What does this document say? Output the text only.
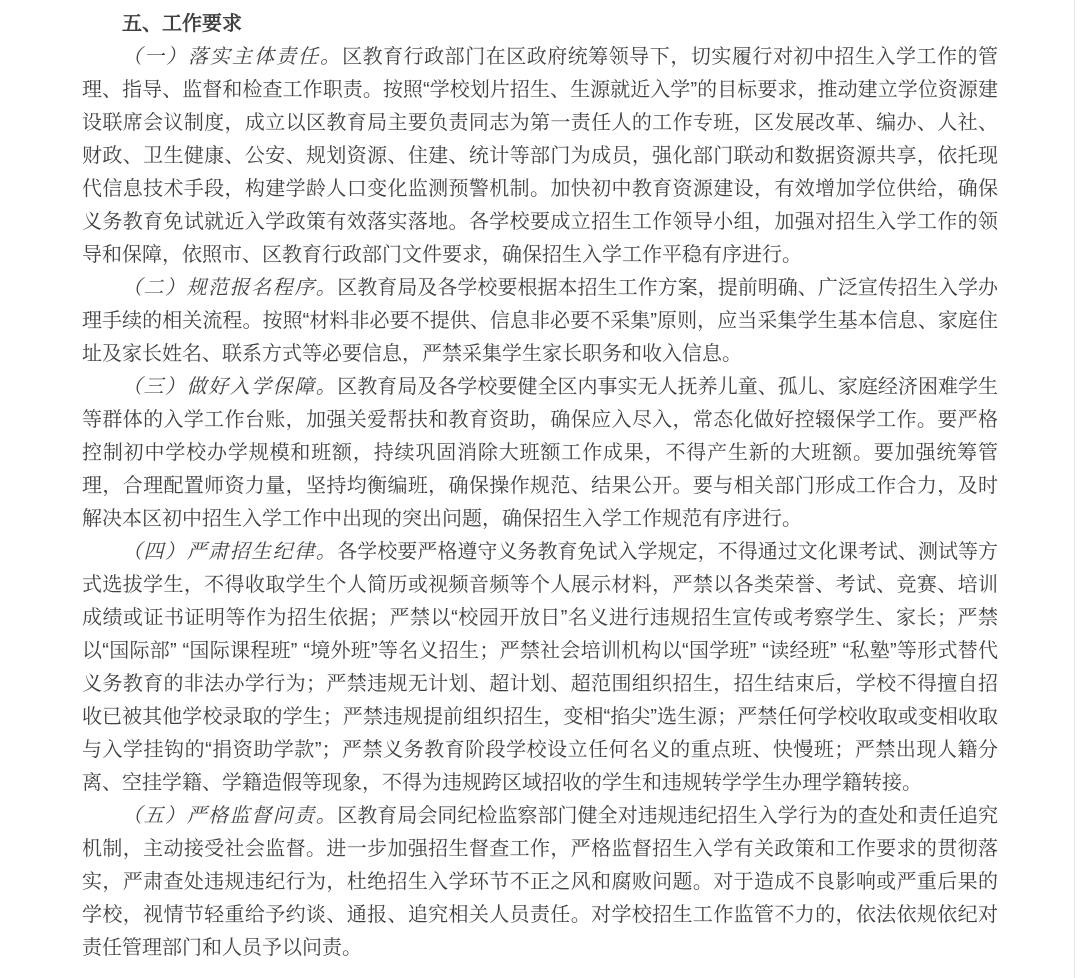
五、工作要求

（一）落实主体责任。区教育行政部门在区政府统筹领导下，切实履行对初中招生入学工作的管理、指导、监督和检查工作职责。按照“学校划片招生、生源就近入学”的目标要求，推动建立学位资源建设联席会议制度，成立以区教育局主要负责同志为第一责任人的工作专班，区发展改革、编办、人社、财政、卫生健康、公安、规划资源、住建、统计等部门为成员，强化部门联动和数据资源共享，依托现代信息技术手段，构建学龄人口变化监测预警机制。加快初中教育资源建设，有效增加学位供给，确保义务教育免试就近入学政策有效落实落地。各学校要成立招生工作领导小组，加强对招生入学工作的领导和保障，依照市、区教育行政部门文件要求，确保招生入学工作平稳有序进行。

（二）规范报名程序。区教育局及各学校要根据本招生工作方案，提前明确、广泛宣传招生入学办理手续的相关流程。按照“材料非必要不提供、信息非必要不采集”原则，应当采集学生基本信息、家庭住址及家长姓名、联系方式等必要信息，严禁采集学生家长职务和收入信息。

（三）做好入学保障。区教育局及各学校要健全区内事实无人抚养儿童、孤儿、家庭经济困难学生等群体的入学工作台账，加强关爱帮扶和教育资助，确保应入尽入，常态化做好控辍保学工作。要严格控制初中学校办学规模和班额，持续巩固消除大班额工作成果，不得产生新的大班额。要加强统筹管理，合理配置师资力量，坚持均衡编班，确保操作规范、结果公开。要与相关部门形成工作合力，及时解决本区初中招生入学工作中出现的突出问题，确保招生入学工作规范有序进行。

（四）严肃招生纪律。各学校要严格遵守义务教育免试入学规定，不得通过文化课考试、测试等方式选拔学生，不得收取学生个人简历或视频音频等个人展示材料，严禁以各类荣誉、考试、竞赛、培训成绩或证书证明等作为招生依据；严禁以“校园开放日”名义进行违规招生宣传或考察学生、家长；严禁以“国际部” “国际课程班” “境外班”等名义招生；严禁社会培训机构以“国学班” “读经班” “私塾”等形式替代义务教育的非法办学行为；严禁违规无计划、超计划、超范围组织招生，招生结束后，学校不得擅自招收已被其他学校录取的学生；严禁违规提前组织招生，变相“掐尖”选生源；严禁任何学校收取或变相收取与入学挂钩的“捐资助学款”；严禁义务教育阶段学校设立任何名义的重点班、快慢班；严禁出现人籍分离、空挂学籍、学籍造假等现象，不得为违规跨区域招收的学生和违规转学学生办理学籍转接。

（五）严格监督问责。区教育局会同纪检监察部门健全对违规违纪招生入学行为的查处和责任追究机制，主动接受社会监督。进一步加强招生督查工作，严格监督招生入学有关政策和工作要求的贯彻落实，严肃查处违规违纪行为，杜绝招生入学环节不正之风和腐败问题。对于造成不良影响或严重后果的学校，视情节轻重给予约谈、通报、追究相关人员责任。对学校招生工作监管不力的，依法依规依纪对责任管理部门和人员予以问责。
